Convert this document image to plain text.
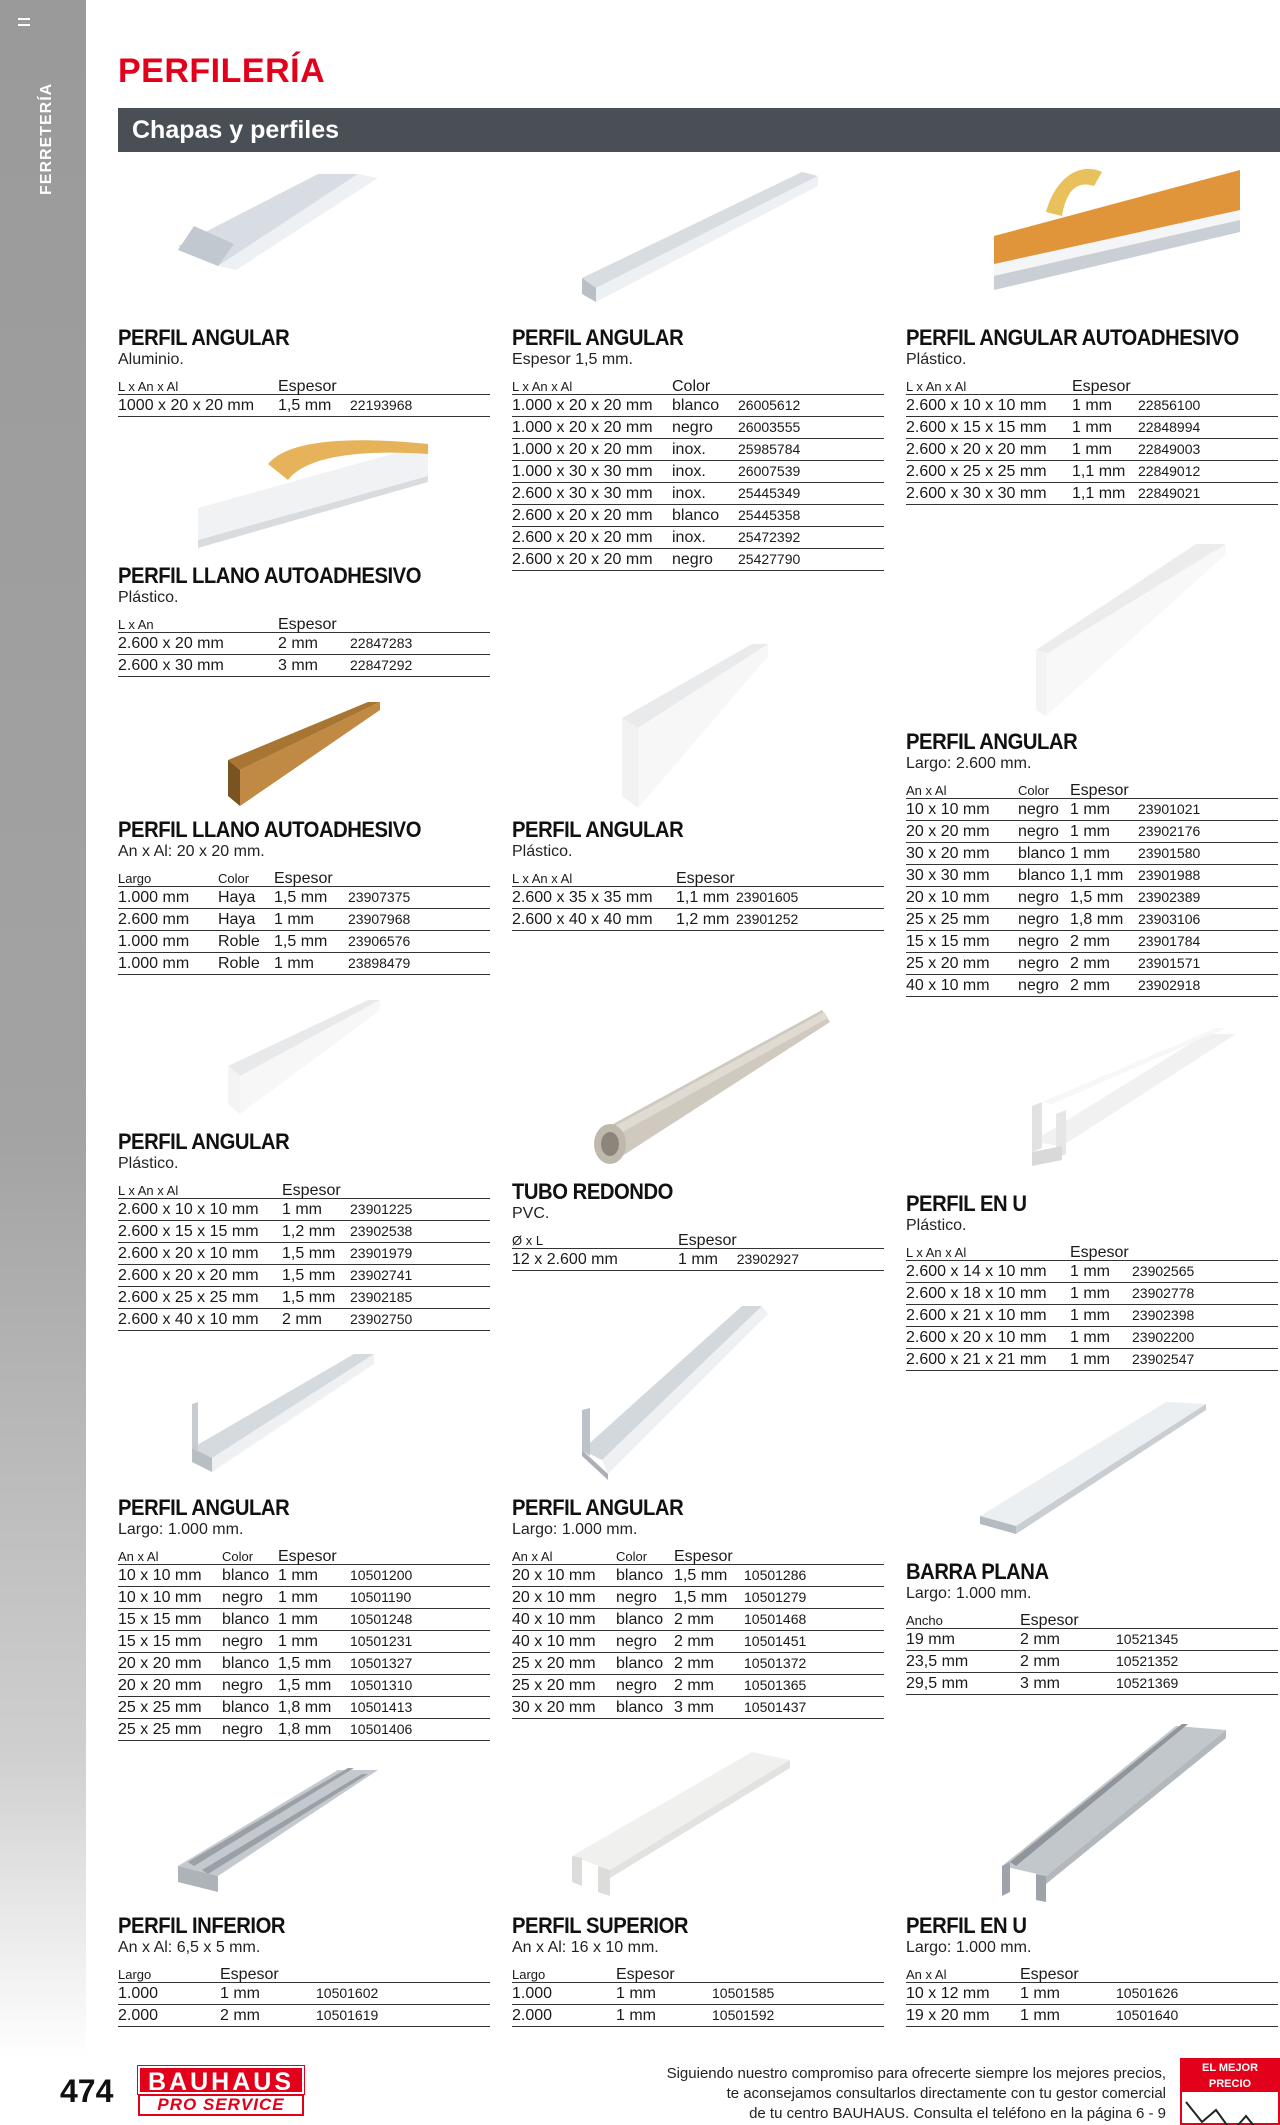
FERRETERÍA
PERFILERÍA
Chapas y perfiles
PERFIL ANGULAR
Aluminio.
L x An x Al	Espesor	
1000 x 20 x 20 mm	1,5 mm	22193968
PERFIL LLANO AUTOADHESIVO
Plástico.
L x An	Espesor	
2.600 x 20 mm	2 mm	22847283
2.600 x 30 mm	3 mm	22847292
PERFIL LLANO AUTOADHESIVO
An x Al: 20 x 20 mm.
Largo	Color	Espesor	
1.000 mm	Haya	1,5 mm	23907375
2.600 mm	Haya	1 mm	23907968
1.000 mm	Roble	1,5 mm	23906576
1.000 mm	Roble	1 mm	23898479
PERFIL ANGULAR
Plástico.
L x An x Al	Espesor	
2.600 x 10 x 10 mm	1 mm	23901225
2.600 x 15 x 15 mm	1,2 mm	23902538
2.600 x 20 x 10 mm	1,5 mm	23901979
2.600 x 20 x 20 mm	1,5 mm	23902741
2.600 x 25 x 25 mm	1,5 mm	23902185
2.600 x 40 x 10 mm	2 mm	23902750
PERFIL ANGULAR
Largo: 1.000 mm.
An x Al	Color	Espesor	
10 x 10 mm	blanco	1 mm	10501200
10 x 10 mm	negro	1 mm	10501190
15 x 15 mm	blanco	1 mm	10501248
15 x 15 mm	negro	1 mm	10501231
20 x 20 mm	blanco	1,5 mm	10501327
20 x 20 mm	negro	1,5 mm	10501310
25 x 25 mm	blanco	1,8 mm	10501413
25 x 25 mm	negro	1,8 mm	10501406
PERFIL INFERIOR
An x Al: 6,5 x 5 mm.
Largo	Espesor	
1.000	1 mm	10501602
2.000	2 mm	10501619
PERFIL ANGULAR
Espesor 1,5 mm.
L x An x Al	Color	
1.000 x 20 x 20 mm	blanco	26005612
1.000 x 20 x 20 mm	negro	26003555
1.000 x 20 x 20 mm	inox.	25985784
1.000 x 30 x 30 mm	inox.	26007539
2.600 x 30 x 30 mm	inox.	25445349
2.600 x 20 x 20 mm	blanco	25445358
2.600 x 20 x 20 mm	inox.	25472392
2.600 x 20 x 20 mm	negro	25427790
PERFIL ANGULAR
Plástico.
L x An x Al	Espesor	
2.600 x 35 x 35 mm	1,1 mm	23901605
2.600 x 40 x 40 mm	1,2 mm	23901252
TUBO REDONDO
PVC.
Ø x L	Espesor	
12 x 2.600 mm	1 mm	23902927
PERFIL ANGULAR
Largo: 1.000 mm.
An x Al	Color	Espesor	
20 x 10 mm	blanco	1,5 mm	10501286
20 x 10 mm	negro	1,5 mm	10501279
40 x 10 mm	blanco	2 mm	10501468
40 x 10 mm	negro	2 mm	10501451
25 x 20 mm	blanco	2 mm	10501372
25 x 20 mm	negro	2 mm	10501365
30 x 20 mm	blanco	3 mm	10501437
PERFIL SUPERIOR
An x Al: 16 x 10 mm.
Largo	Espesor	
1.000	1 mm	10501585
2.000	1 mm	10501592
PERFIL ANGULAR AUTOADHESIVO
Plástico.
L x An x Al	Espesor	
2.600 x 10 x 10 mm	1 mm	22856100
2.600 x 15 x 15 mm	1 mm	22848994
2.600 x 20 x 20 mm	1 mm	22849003
2.600 x 25 x 25 mm	1,1 mm	22849012
2.600 x 30 x 30 mm	1,1 mm	22849021
PERFIL ANGULAR
Largo: 2.600 mm.
An x Al	Color	Espesor	
10 x 10 mm	negro	1 mm	23901021
20 x 20 mm	negro	1 mm	23902176
30 x 20 mm	blanco	1 mm	23901580
30 x 30 mm	blanco	1,1 mm	23901988
20 x 10 mm	negro	1,5 mm	23902389
25 x 25 mm	negro	1,8 mm	23903106
15 x 15 mm	negro	2 mm	23901784
25 x 20 mm	negro	2 mm	23901571
40 x 10 mm	negro	2 mm	23902918
PERFIL EN U
Plástico.
L x An x Al	Espesor	
2.600 x 14 x 10 mm	1 mm	23902565
2.600 x 18 x 10 mm	1 mm	23902778
2.600 x 21 x 10 mm	1 mm	23902398
2.600 x 20 x 10 mm	1 mm	23902200
2.600 x 21 x 21 mm	1 mm	23902547
BARRA PLANA
Largo: 1.000 mm.
Ancho	Espesor	
19 mm	2 mm	10521345
23,5 mm	2 mm	10521352
29,5 mm	3 mm	10521369
PERFIL EN U
Largo: 1.000 mm.
An x Al	Espesor	
10 x 12 mm	1 mm	10501626
19 x 20 mm	1 mm	10501640
474	BAUHAUS
PRO SERVICE
Siguiendo nuestro compromiso para ofrecerte siempre los mejores precios,
te aconsejamos consultarlos directamente con tu gestor comercial
de tu centro BAUHAUS. Consulta el teléfono en la página 6 - 9
EL MEJOR PRECIO
